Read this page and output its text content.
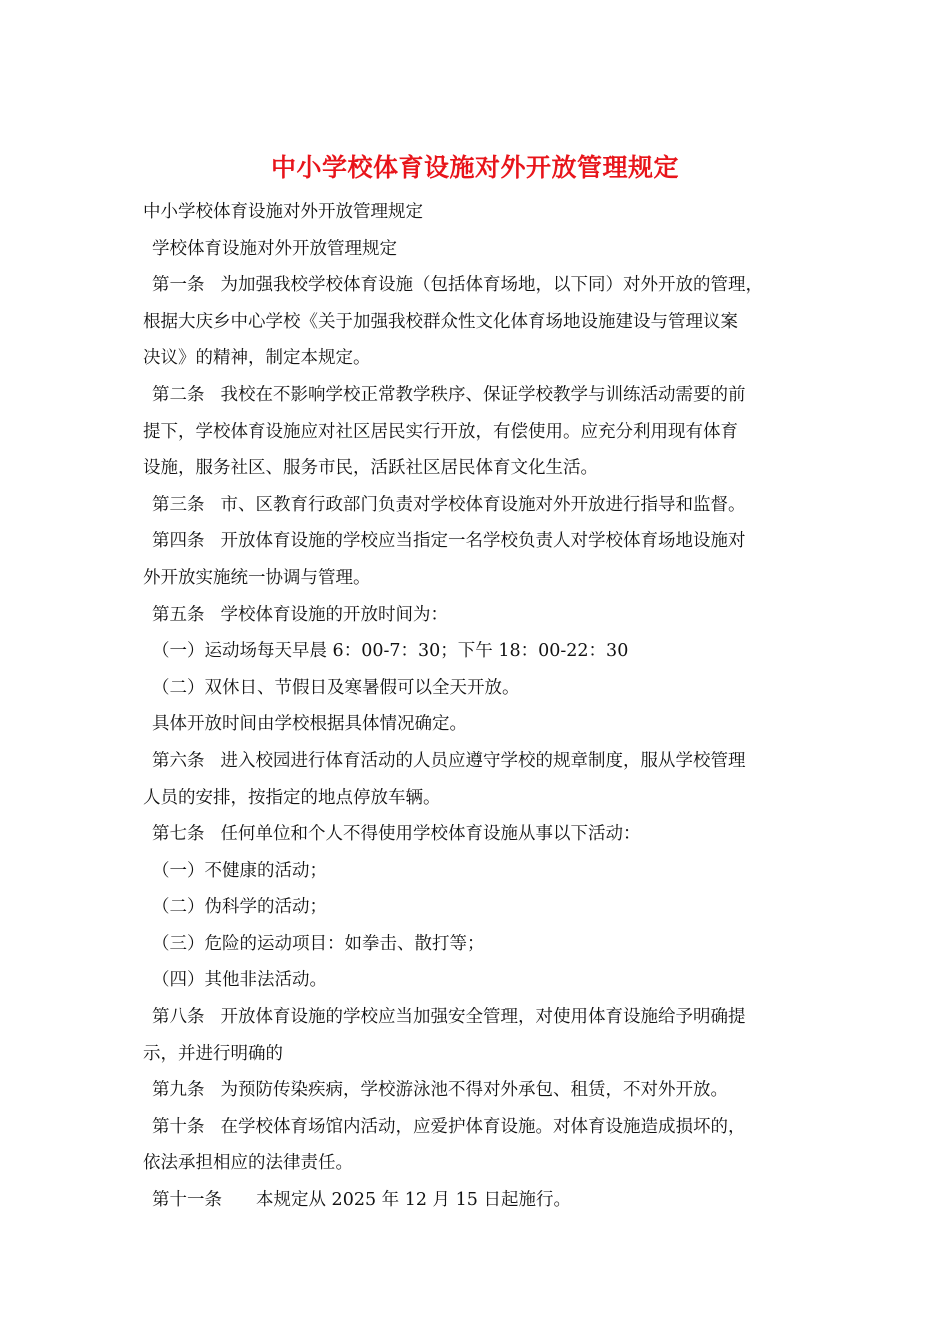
中小学校体育设施对外开放管理规定
中小学校体育设施对外开放管理规定
学校体育设施对外开放管理规定
第一条 为加强我校学校体育设施（包括体育场地，以下同）对外开放的管理，
根据大庆乡中心学校《关于加强我校群众性文化体育场地设施建设与管理议案
决议》的精神，制定本规定。
第二条 我校在不影响学校正常教学秩序、保证学校教学与训练活动需要的前
提下，学校体育设施应对社区居民实行开放，有偿使用。应充分利用现有体育
设施，服务社区、服务市民，活跃社区居民体育文化生活。
第三条 市、区教育行政部门负责对学校体育设施对外开放进行指导和监督。
第四条 开放体育设施的学校应当指定一名学校负责人对学校体育场地设施对
外开放实施统一协调与管理。
第五条 学校体育设施的开放时间为：
（一）运动场每天早晨 6：00-7：30；下午 18：00-22：30
（二）双休日、节假日及寒暑假可以全天开放。
具体开放时间由学校根据具体情况确定。
第六条 进入校园进行体育活动的人员应遵守学校的规章制度，服从学校管理
人员的安排，按指定的地点停放车辆。
第七条 任何单位和个人不得使用学校体育设施从事以下活动：
（一）不健康的活动；
（二）伪科学的活动；
（三）危险的运动项目：如拳击、散打等；
（四）其他非法活动。
第八条 开放体育设施的学校应当加强安全管理，对使用体育设施给予明确提
示，并进行明确的
第九条 为预防传染疾病，学校游泳池不得对外承包、租赁，不对外开放。
第十条 在学校体育场馆内活动，应爱护体育设施。对体育设施造成损坏的，
依法承担相应的法律责任。
第十一条 本规定从 2025 年 12 月 15 日起施行。
